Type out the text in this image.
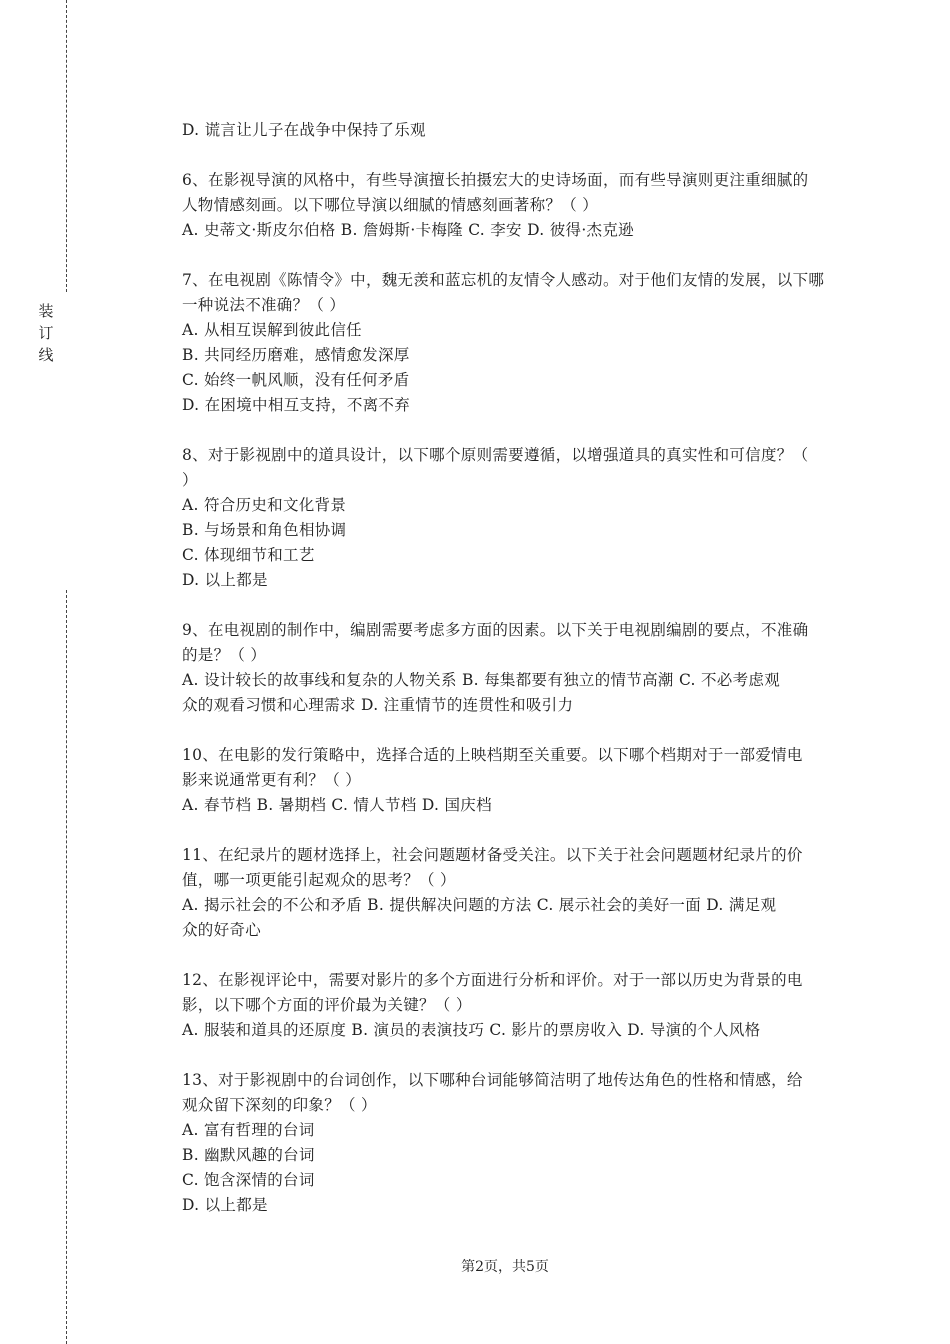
装
订
线
D. 谎言让儿子在战争中保持了乐观
6、在影视导演的风格中，有些导演擅长拍摄宏大的史诗场面，而有些导演则更注重细腻的
人物情感刻画。以下哪位导演以细腻的情感刻画著称？（ ）
A. 史蒂文·斯皮尔伯格 B. 詹姆斯·卡梅隆 C. 李安 D. 彼得·杰克逊
7、在电视剧《陈情令》中，魏无羡和蓝忘机的友情令人感动。对于他们友情的发展，以下哪
一种说法不准确？（ ）
A. 从相互误解到彼此信任
B. 共同经历磨难，感情愈发深厚
C. 始终一帆风顺，没有任何矛盾
D. 在困境中相互支持，不离不弃
8、对于影视剧中的道具设计，以下哪个原则需要遵循，以增强道具的真实性和可信度？（
）
A. 符合历史和文化背景
B. 与场景和角色相协调
C. 体现细节和工艺
D. 以上都是
9、在电视剧的制作中，编剧需要考虑多方面的因素。以下关于电视剧编剧的要点，不准确
的是？（ ）
A. 设计较长的故事线和复杂的人物关系 B. 每集都要有独立的情节高潮 C. 不必考虑观
众的观看习惯和心理需求 D. 注重情节的连贯性和吸引力
10、在电影的发行策略中，选择合适的上映档期至关重要。以下哪个档期对于一部爱情电
影来说通常更有利？（ ）
A. 春节档 B. 暑期档 C. 情人节档 D. 国庆档
11、在纪录片的题材选择上，社会问题题材备受关注。以下关于社会问题题材纪录片的价
值，哪一项更能引起观众的思考？（ ）
A. 揭示社会的不公和矛盾 B. 提供解决问题的方法 C. 展示社会的美好一面 D. 满足观
众的好奇心
12、在影视评论中，需要对影片的多个方面进行分析和评价。对于一部以历史为背景的电
影，以下哪个方面的评价最为关键？（ ）
A. 服装和道具的还原度 B. 演员的表演技巧 C. 影片的票房收入 D. 导演的个人风格
13、对于影视剧中的台词创作，以下哪种台词能够简洁明了地传达角色的性格和情感，给
观众留下深刻的印象？（ ）
A. 富有哲理的台词
B. 幽默风趣的台词
C. 饱含深情的台词
D. 以上都是
第2页，共5页
